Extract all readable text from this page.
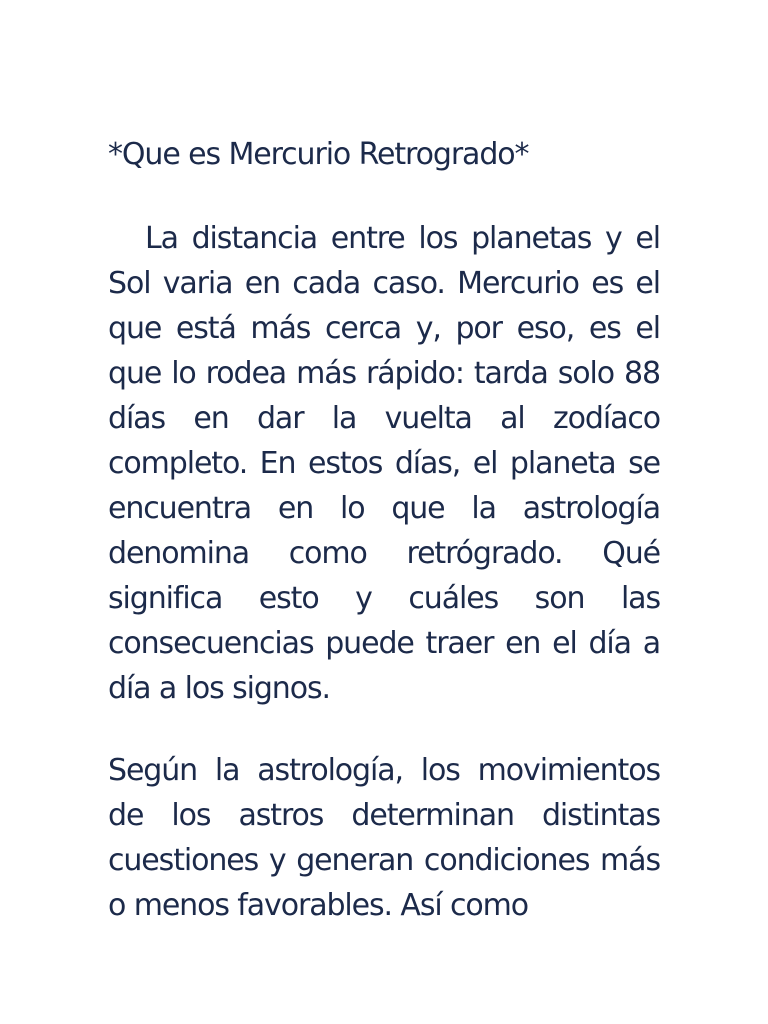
*Que es Mercurio Retrogrado*

La distancia entre los planetas y el Sol varia en cada caso. Mercurio es el que está más cerca y, por eso, es el que lo rodea más rápido: tarda solo 88 días en dar la vuelta al zodíaco completo. En estos días, el planeta se encuentra en lo que la astrología denomina como retrógrado. Qué significa esto y cuáles son las consecuencias puede traer en el día a día a los signos.

Según la astrología, los movimientos de los astros determinan distintas cuestiones y generan condiciones más o menos favorables. Así como
